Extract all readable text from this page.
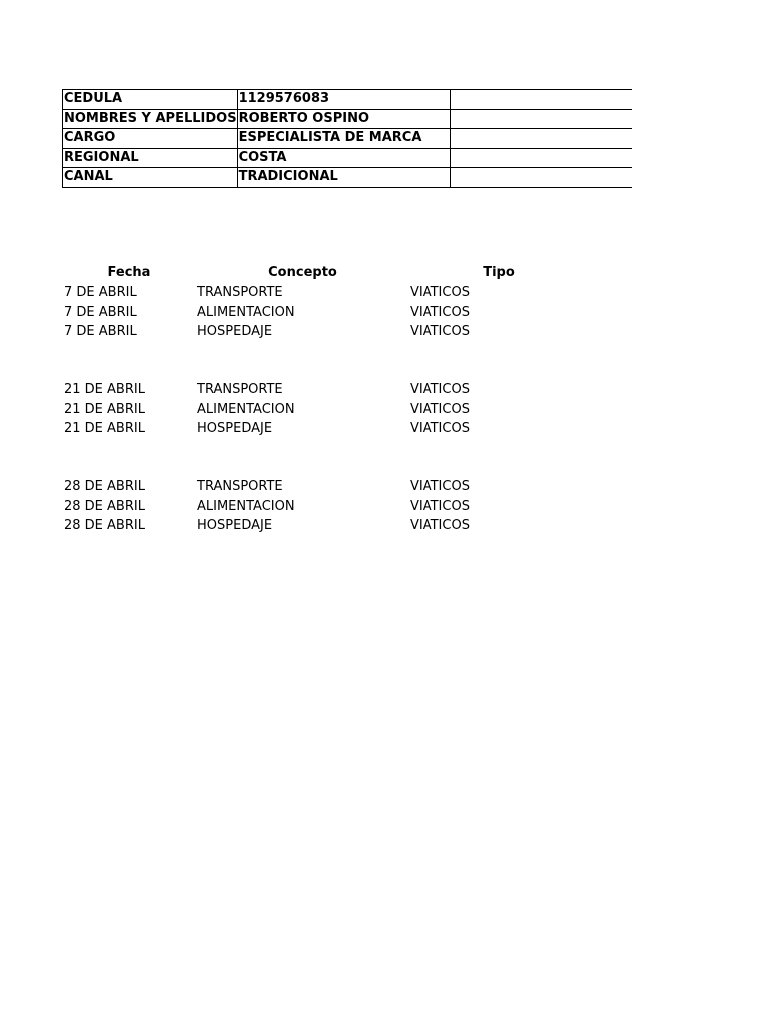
CEDULA	1129576083	
NOMBRES Y APELLIDOS	ROBERTO OSPINO	
CARGO	ESPECIALISTA DE MARCA	
REGIONAL	COSTA	
CANAL	TRADICIONAL	
Fecha	Concepto	Tipo
7 DE ABRIL	TRANSPORTE	VIATICOS
7 DE ABRIL	ALIMENTACION	VIATICOS
7 DE ABRIL	HOSPEDAJE	VIATICOS
21 DE ABRIL	TRANSPORTE	VIATICOS
21 DE ABRIL	ALIMENTACION	VIATICOS
21 DE ABRIL	HOSPEDAJE	VIATICOS
28 DE ABRIL	TRANSPORTE	VIATICOS
28 DE ABRIL	ALIMENTACION	VIATICOS
28 DE ABRIL	HOSPEDAJE	VIATICOS
